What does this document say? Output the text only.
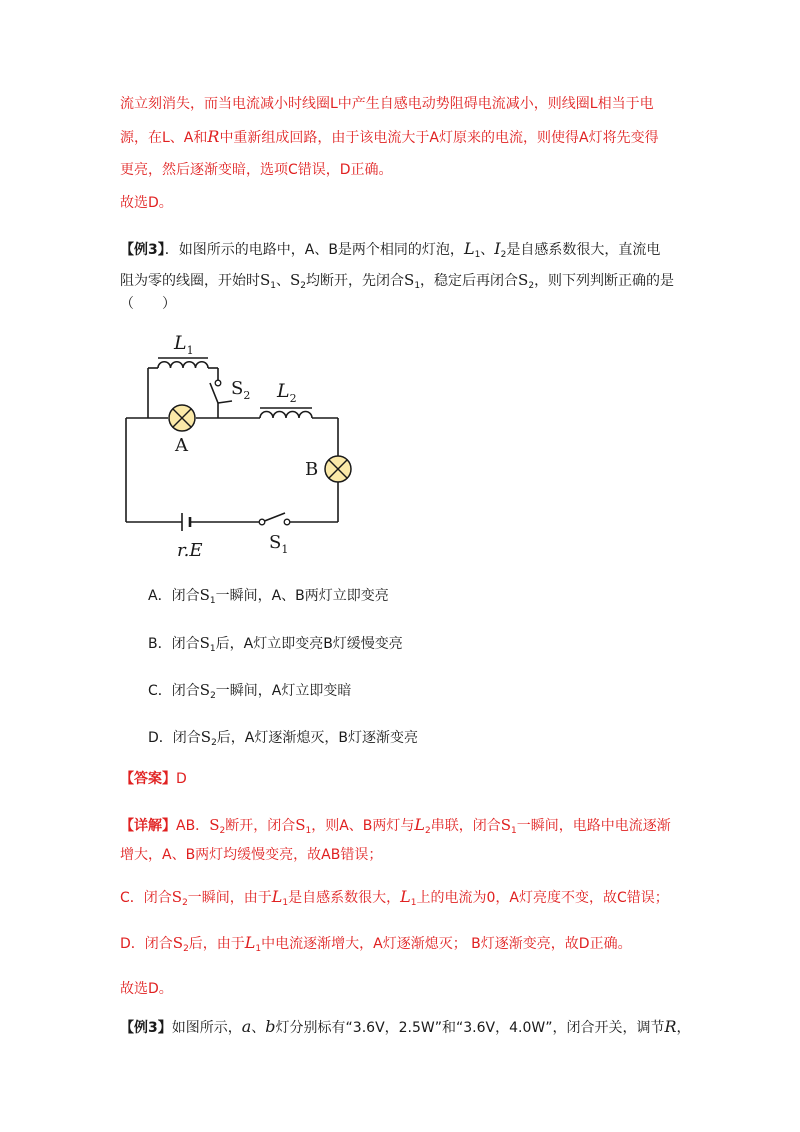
流立刻消失，而当电流减小时线圈L中产生自感电动势阻碍电流减小，则线圈L相当于电
源，在L、A和R中重新组成回路，由于该电流大于A灯原来的电流，则使得A灯将先变得
更亮，然后逐渐变暗，选项C错误，D正确。
故选D。
【例3】．如图所示的电路中，A、B是两个相同的灯泡，$L_1$、$I_2$是自感系数很大，直流电
阻为零的线圈，开始时$S_1$、$S_2$均断开，先闭合$S_1$，稳定后再闭合$S_2$，则下列判断正确的是
（　　）
$L_1$
$S_2$ $L_2$
A
B
r.E	$S_1$
A．闭合$S_1$一瞬间，A、B两灯立即变亮
B．闭合$S_1$后，A灯立即变亮B灯缓慢变亮
C．闭合$S_2$一瞬间，A灯立即变暗
D．闭合$S_2$后，A灯逐渐熄灭，B灯逐渐变亮
【答案】D
【详解】AB．$S_2$断开，闭合$S_1$，则A、B两灯与$L_2$串联，闭合$S_1$一瞬间，电路中电流逐渐
增大，A、B两灯均缓慢变亮，故AB错误；
C．闭合$S_2$一瞬间，由于$L_1$是自感系数很大，$L_1$上的电流为0，A灯亮度不变，故C错误；
D．闭合$S_2$后，由于$L_1$中电流逐渐增大，A灯逐渐熄灭； B灯逐渐变亮，故D正确。
故选D。
【例3】如图所示，a、b灯分别标有“3.6V，2.5W”和“3.6V，4.0W”，闭合开关，调节R，
